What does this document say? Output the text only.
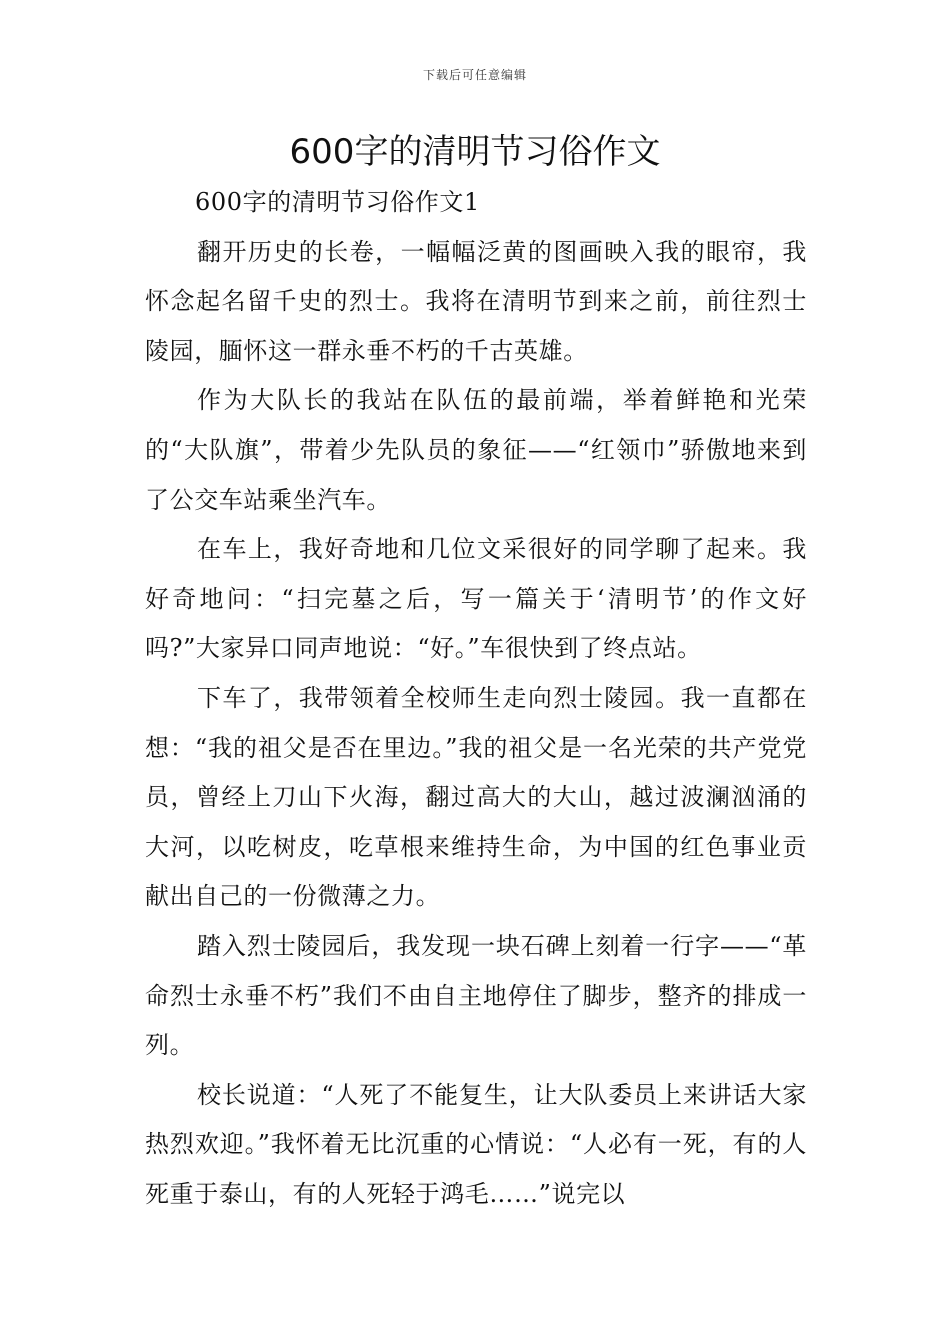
下载后可任意编辑
600字的清明节习俗作文

600字的清明节习俗作文1

翻开历史的长卷，一幅幅泛黄的图画映入我的眼帘，我怀念起名留千史的烈士。我将在清明节到来之前，前往烈士陵园，腼怀这一群永垂不朽的千古英雄。

作为大队长的我站在队伍的最前端，举着鲜艳和光荣的“大队旗”，带着少先队员的象征——“红领巾”骄傲地来到了公交车站乘坐汽车。

在车上，我好奇地和几位文采很好的同学聊了起来。我好奇地问：“扫完墓之后，写一篇关于‘清明节’的作文好吗?”大家异口同声地说：“好。”车很快到了终点站。

下车了，我带领着全校师生走向烈士陵园。我一直都在想：“我的祖父是否在里边。”我的祖父是一名光荣的共产党党员，曾经上刀山下火海，翻过高大的大山，越过波澜汹涌的大河，以吃树皮，吃草根来维持生命，为中国的红色事业贡献出自己的一份微薄之力。

踏入烈士陵园后，我发现一块石碑上刻着一行字——“革命烈士永垂不朽”我们不由自主地停住了脚步，整齐的排成一列。

校长说道：“人死了不能复生，让大队委员上来讲话大家热烈欢迎。”我怀着无比沉重的心情说：“人必有一死，有的人死重于泰山，有的人死轻于鸿毛……”说完以
